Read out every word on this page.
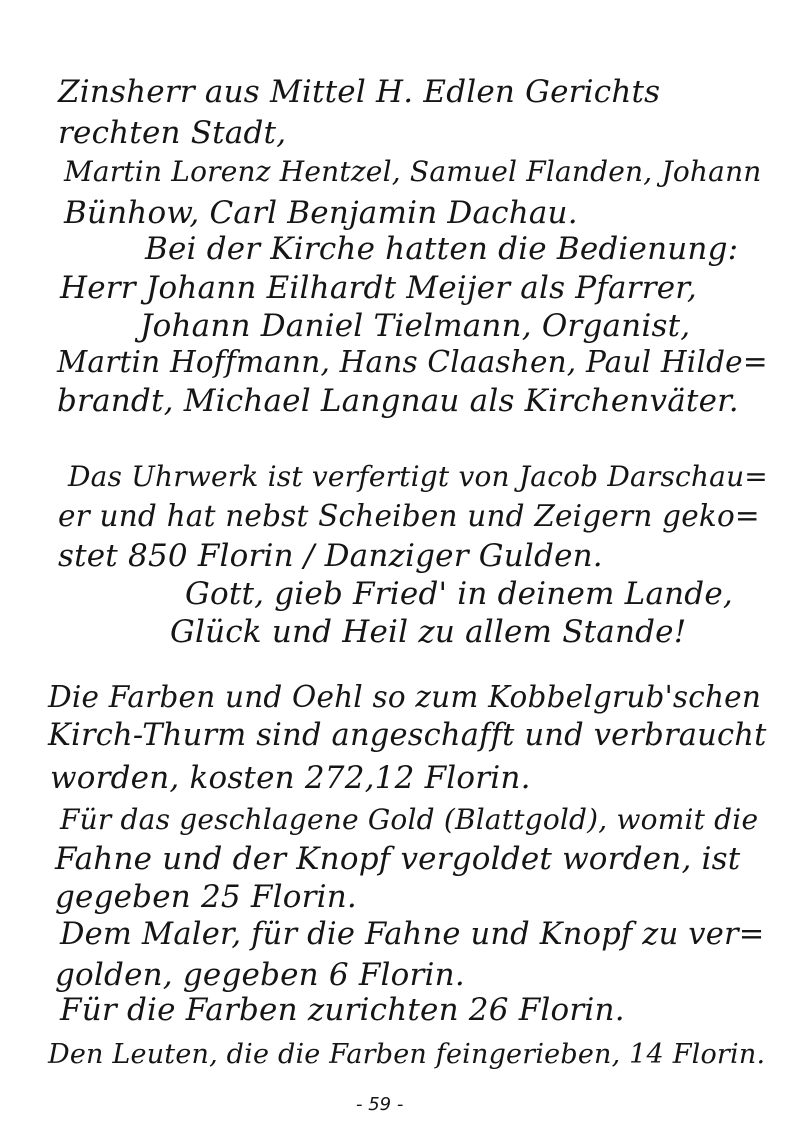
Zinsherr aus Mittel H. Edlen Gerichts
rechten Stadt,
Martin Lorenz Hentzel, Samuel Flanden, Johann
Bünhow, Carl Benjamin Dachau.
Bei der Kirche hatten die Bedienung:
Herr Johann Eilhardt Meijer als Pfarrer,
Johann Daniel Tielmann, Organist,
Martin Hoffmann, Hans Claashen, Paul Hilde=
brandt, Michael Langnau als Kirchenväter.
Das Uhrwerk ist verfertigt von Jacob Darschau=
er und hat nebst Scheiben und Zeigern geko=
stet 850 Florin / Danziger Gulden.
Gott, gieb Fried' in deinem Lande,
Glück und Heil zu allem Stande!
Die Farben und Oehl so zum Kobbelgrub'schen
Kirch-Thurm sind angeschafft und verbraucht
worden, kosten 272,12 Florin.
Für das geschlagene Gold (Blattgold), womit die
Fahne und der Knopf vergoldet worden, ist
gegeben 25 Florin.
Dem Maler, für die Fahne und Knopf zu ver=
golden, gegeben 6 Florin.
Für die Farben zurichten 26 Florin.
Den Leuten, die die Farben feingerieben, 14 Florin.
- 59 -
